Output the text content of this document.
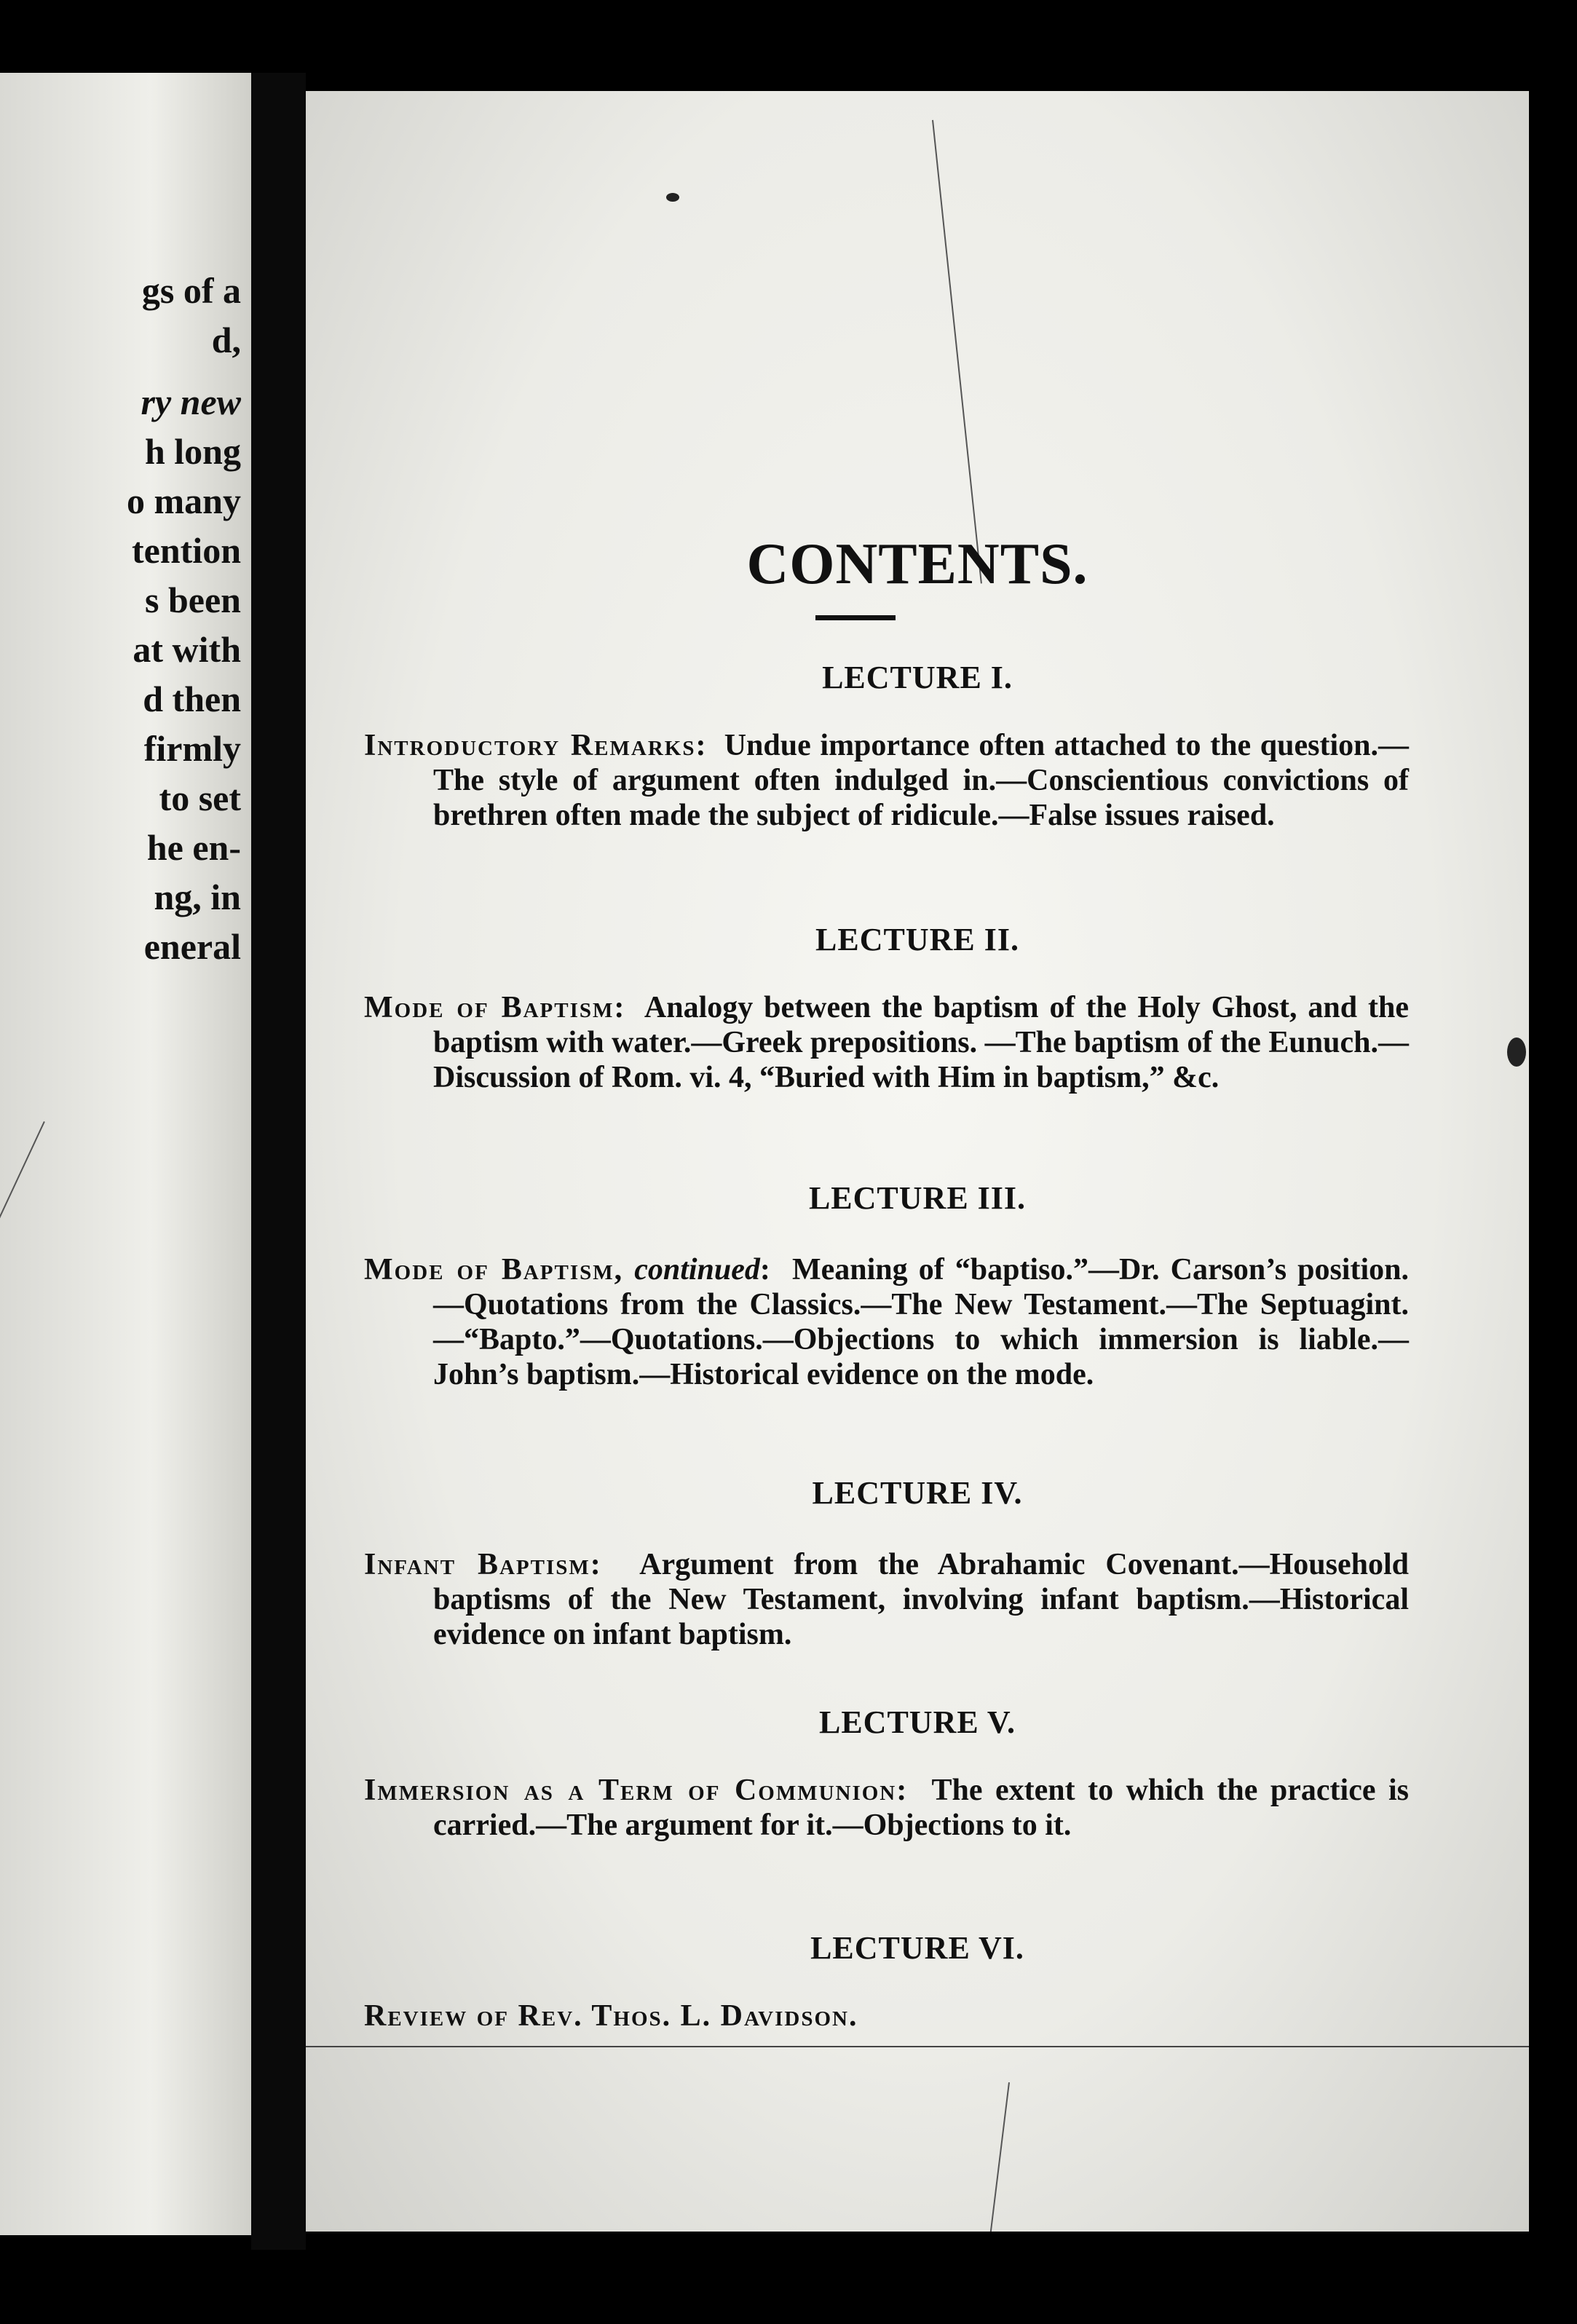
gs of a
d,
ry new
h long
o many
tention
s been
at with
d then
firmly
to set
he en-
ng, in
eneral
CONTENTS.
LECTURE I.
Introductory Remarks:  Undue importance often attached to the question.—The style of argument often indulged in.—Conscientious convictions of brethren often made the subject of ridicule.—False issues raised.
LECTURE II.
Mode of Baptism:  Analogy between the baptism of the Holy Ghost, and the baptism with water.—Greek prepositions. —The baptism of the Eunuch.—Discussion of Rom. vi. 4, “Buried with Him in baptism,” &c.
LECTURE III.
Mode of Baptism, continued:  Meaning of “baptiso.”—Dr. Carson’s position.—Quotations from the Classics.—The New Testament.—The Septuagint.—“Bapto.”—Quotations.—Objections to which immersion is liable.—John’s baptism.—Historical evidence on the mode.
LECTURE IV.
Infant Baptism:  Argument from the Abrahamic Covenant.—Household baptisms of the New Testament, involving infant baptism.—Historical evidence on infant baptism.
LECTURE V.
Immersion as a Term of Communion:  The extent to which the practice is carried.—The argument for it.—Objections to it.
LECTURE VI.
Review of Rev. Thos. L. Davidson.
